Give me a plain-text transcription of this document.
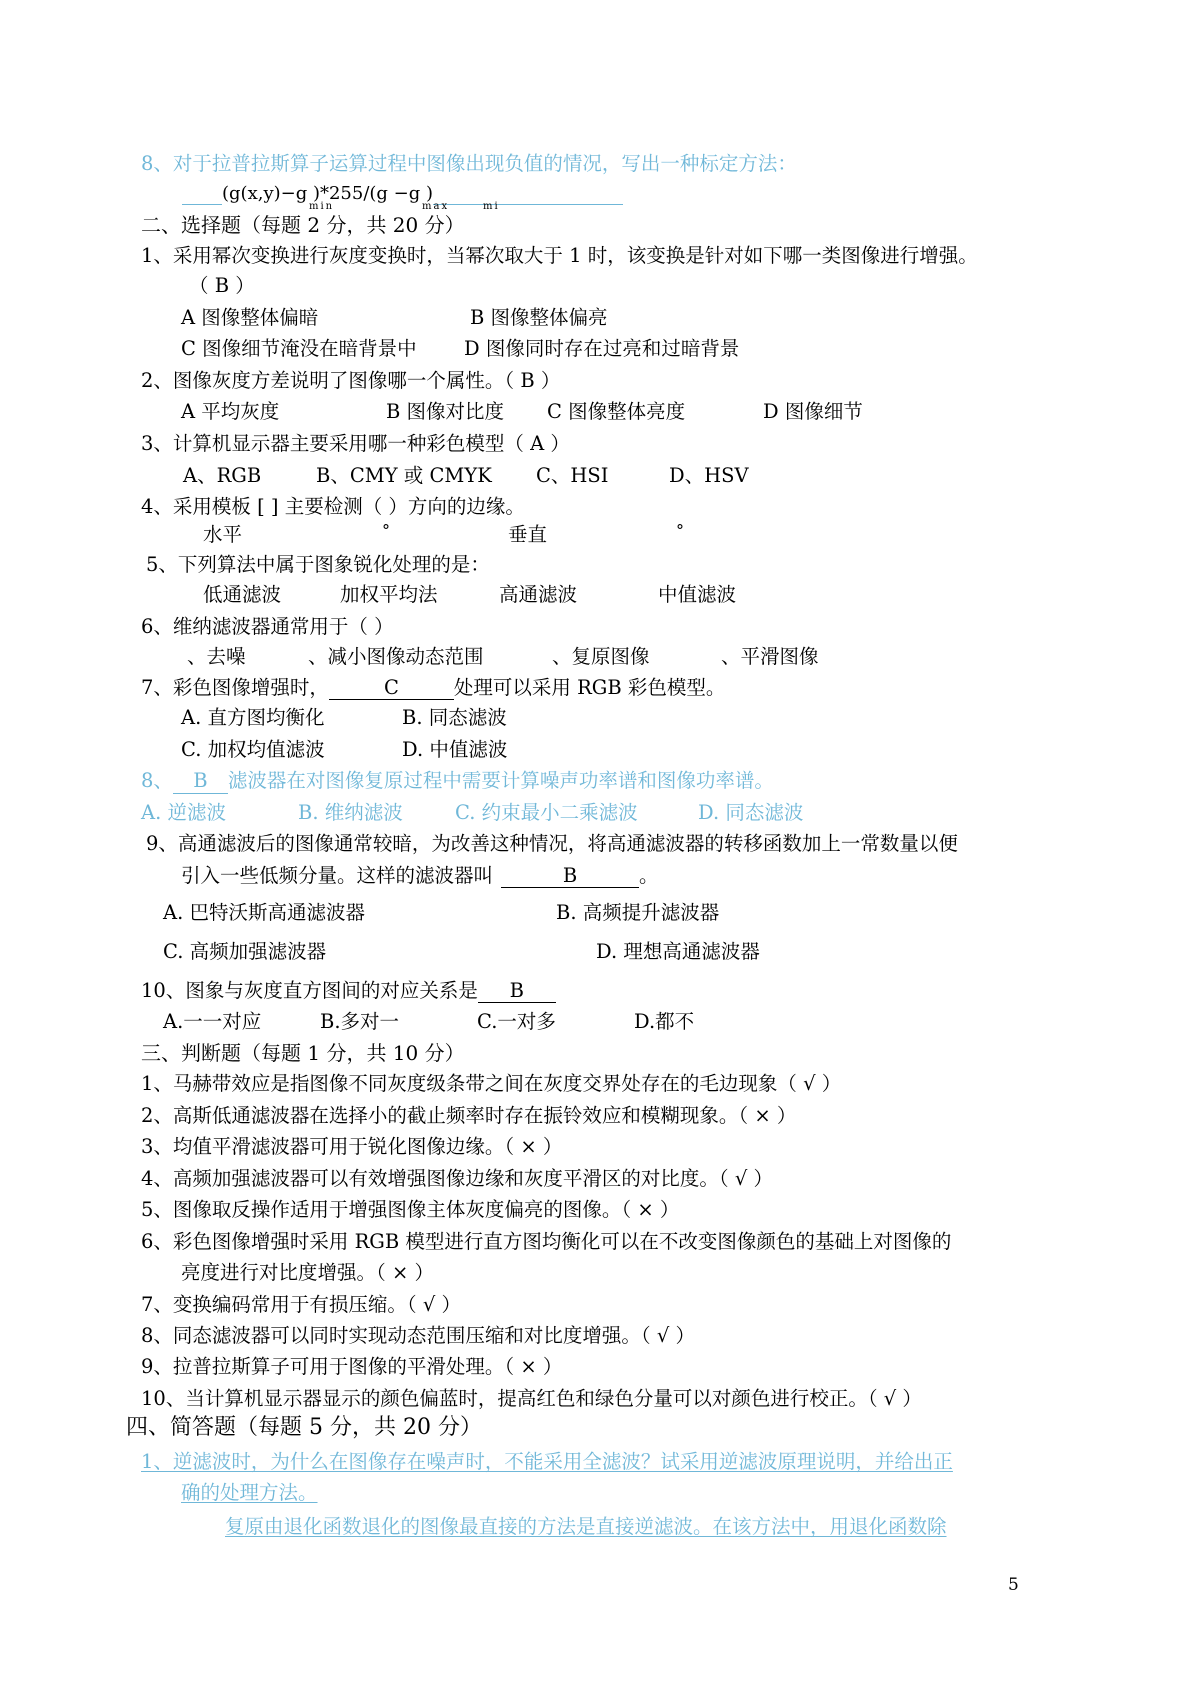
8、对于拉普拉斯算子运算过程中图像出现负值的情况，写出一种标定方法：
(g(x,y)−g )*255/(g −g )
min	max	mi
二、选择题（每题 2 分，共 20 分）
1、采用幂次变换进行灰度变换时，当幂次取大于 1 时，该变换是针对如下哪一类图像进行增强。
（ B ）
A 图像整体偏暗	B 图像整体偏亮
C 图像细节淹没在暗背景中 D 图像同时存在过亮和过暗背景
2、图像灰度方差说明了图像哪一个属性。（ B ）
A 平均灰度	B 图像对比度 C 图像整体亮度	D 图像细节
3、计算机显示器主要采用哪一种彩色模型（ A ）
A、RGB	B、CMY 或 CMYK C、HSI	D、HSV
4、采用模板 [ ] 主要检测（ ）方向的边缘。
水平	°	垂直	°
5、下列算法中属于图象锐化处理的是：
低通滤波	加权平均法	高通滤波	中值滤波
6、维纳滤波器通常用于（ ）
、去噪	、减小图像动态范围	、复原图像	、平滑图像
7、彩色图像增强时，	C	处理可以采用 RGB 彩色模型。
A. 直方图均衡化	B. 同态滤波
C. 加权均值滤波	D. 中值滤波
8、 B 滤波器在对图像复原过程中需要计算噪声功率谱和图像功率谱。
A. 逆滤波	B. 维纳滤波	C. 约束最小二乘滤波	D. 同态滤波
9、高通滤波后的图像通常较暗，为改善这种情况，将高通滤波器的转移函数加上一常数量以便
引入一些低频分量。这样的滤波器叫	B	。
A. 巴特沃斯高通滤波器	B. 高频提升滤波器
C. 高频加强滤波器	D. 理想高通滤波器
10、图象与灰度直方图间的对应关系是 B
A.一一对应	B.多对一	C.一对多	D.都不
三、判断题（每题 1 分，共 10 分）
1、马赫带效应是指图像不同灰度级条带之间在灰度交界处存在的毛边现象（ √ ）
2、高斯低通滤波器在选择小的截止频率时存在振铃效应和模糊现象。（ × ）
3、均值平滑滤波器可用于锐化图像边缘。（ × ）
4、高频加强滤波器可以有效增强图像边缘和灰度平滑区的对比度。（ √ ）
5、图像取反操作适用于增强图像主体灰度偏亮的图像。（ × ）
6、彩色图像增强时采用 RGB 模型进行直方图均衡化可以在不改变图像颜色的基础上对图像的
亮度进行对比度增强。（ × ）
7、变换编码常用于有损压缩。（ √ ）
8、同态滤波器可以同时实现动态范围压缩和对比度增强。（ √ ）
9、拉普拉斯算子可用于图像的平滑处理。（ × ）
10、当计算机显示器显示的颜色偏蓝时，提高红色和绿色分量可以对颜色进行校正。（ √ ）
四、简答题（每题 5 分，共 20 分）
1、逆滤波时，为什么在图像存在噪声时，不能采用全滤波？试采用逆滤波原理说明，并给出正
确的处理方法。
复原由退化函数退化的图像最直接的方法是直接逆滤波。在该方法中，用退化函数除
5
